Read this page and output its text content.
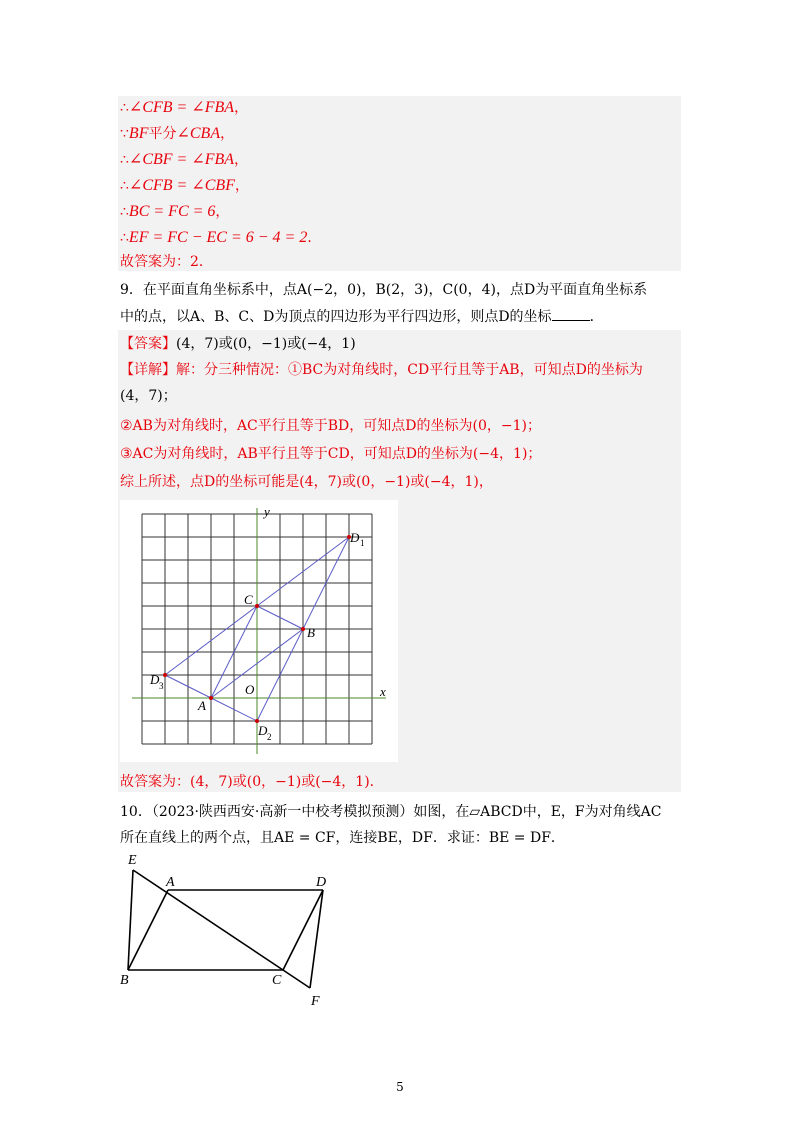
∴∠CFB = ∠FBA，
∵BF平分∠CBA，
∴∠CBF = ∠FBA，
∴∠CFB = ∠CBF，
∴BC = FC = 6，
∴EF = FC − EC = 6 − 4 = 2．
故答案为：2．
9．在平面直角坐标系中，点A(−2，0)，B(2，3)，C(0，4)，点D为平面直角坐标系
中的点，以A、B、C、D为顶点的四边形为平行四边形，则点D的坐标	．
【答案】(4，7)或(0，−1)或(−4，1)
【详解】解：分三种情况：①BC为对角线时，CD平行且等于AB，可知点D的坐标为
(4，7)；
②AB为对角线时，AC平行且等于BD，可知点D的坐标为(0，−1)；
③AC为对角线时，AB平行且等于CD，可知点D的坐标为(−4，1)；
综上所述，点D的坐标可能是(4，7)或(0，−1)或(−4，1)，
x
y
A
B
C
O
D
D
D
1
2
3
故答案为：(4，7)或(0，−1)或(−4，1)．
10．（2023·陕西西安·高新一中校考模拟预测）如图，在▱ABCD中，E，F为对角线AC
所在直线上的两个点，且AE = CF，连接BE，DF．求证：BE = DF．
E
A	D
B	C
F
5
